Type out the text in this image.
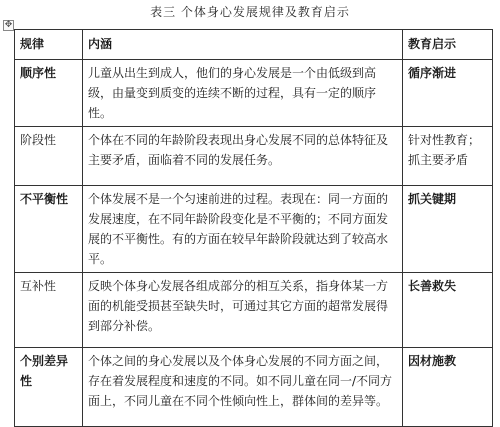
表三 个体身心发展规律及教育启示
✥
规律	内涵	教育启示
顺序性	儿童从出生到成人，他们的身心发展是一个由低级到高级，由量变到质变的连续不断的过程，具有一定的顺序性。	循序渐进
阶段性	个体在不同的年龄阶段表现出身心发展不同的总体特征及主要矛盾，面临着不同的发展任务。	针对性教育；抓主要矛盾
不平衡性	个体发展不是一个匀速前进的过程。表现在：同一方面的发展速度，在不同年龄阶段变化是不平衡的；不同方面发展的不平衡性。有的方面在较早年龄阶段就达到了较高水平。	抓关键期
互补性	反映个体身心发展各组成部分的相互关系，指身体某一方面的机能受损甚至缺失时，可通过其它方面的超常发展得到部分补偿。	长善救失
个别差异性	个体之间的身心发展以及个体身心发展的不同方面之间，存在着发展程度和速度的不同。如不同儿童在同一/不同方面上，不同儿童在不同个性倾向性上，群体间的差异等。	因材施教
